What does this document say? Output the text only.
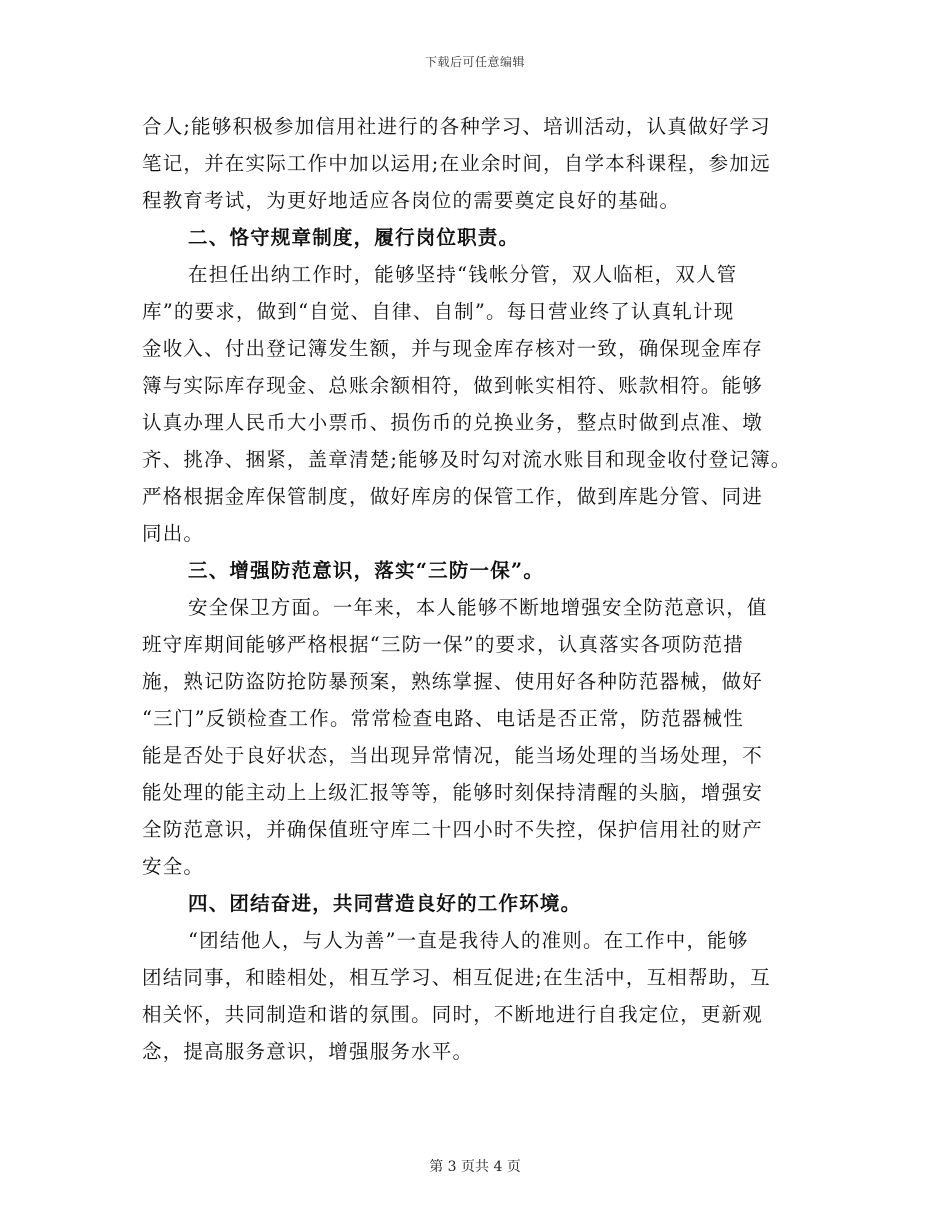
下载后可任意编辑
合人;能够积极参加信用社进行的各种学习、培训活动，认真做好学习
笔记，并在实际工作中加以运用;在业余时间，自学本科课程，参加远
程教育考试，为更好地适应各岗位的需要奠定良好的基础。
二、恪守规章制度，履行岗位职责。
在担任出纳工作时，能够坚持“钱帐分管，双人临柜，双人管
库”的要求，做到“自觉、自律、自制”。每日营业终了认真轧计现
金收入、付出登记簿发生额，并与现金库存核对一致，确保现金库存
簿与实际库存现金、总账余额相符，做到帐实相符、账款相符。能够
认真办理人民币大小票币、损伤币的兑换业务，整点时做到点准、墩
齐、挑净、捆紧，盖章清楚;能够及时勾对流水账目和现金收付登记簿。
严格根据金库保管制度，做好库房的保管工作，做到库匙分管、同进
同出。
三、增强防范意识，落实“三防一保”。
安全保卫方面。一年来，本人能够不断地增强安全防范意识，值
班守库期间能够严格根据“三防一保”的要求，认真落实各项防范措
施，熟记防盗防抢防暴预案，熟练掌握、使用好各种防范器械，做好
“三门”反锁检查工作。常常检查电路、电话是否正常，防范器械性
能是否处于良好状态，当出现异常情况，能当场处理的当场处理，不
能处理的能主动上上级汇报等等，能够时刻保持清醒的头脑，增强安
全防范意识，并确保值班守库二十四小时不失控，保护信用社的财产
安全。
四、团结奋进，共同营造良好的工作环境。
“团结他人，与人为善”一直是我待人的准则。在工作中，能够
团结同事，和睦相处，相互学习、相互促进;在生活中，互相帮助，互
相关怀，共同制造和谐的氛围。同时，不断地进行自我定位，更新观
念，提高服务意识，增强服务水平。
第 3 页共 4 页
